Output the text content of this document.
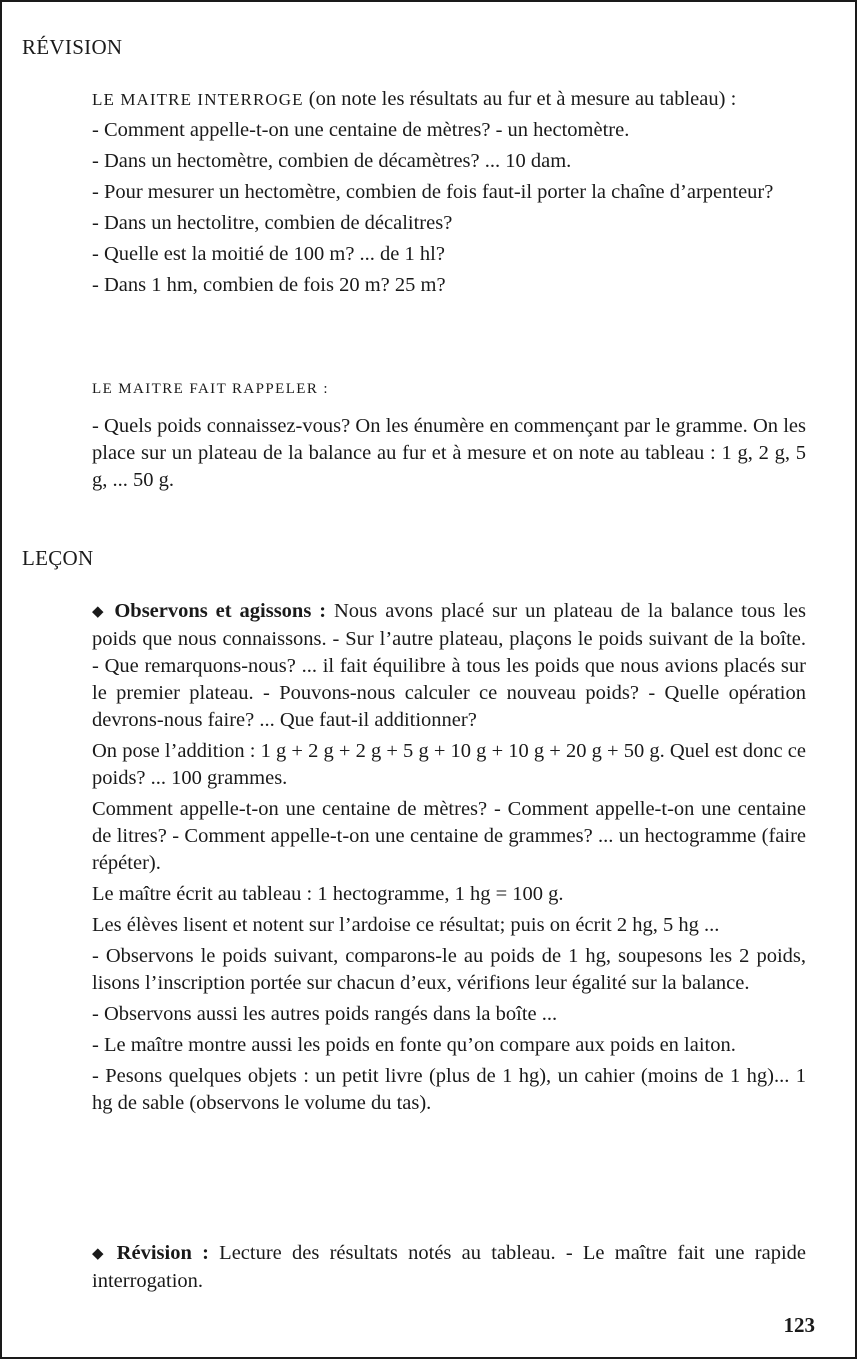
RÉVISION

LE MAITRE INTERROGE (on note les résultats au fur et à mesure au tableau) :

- Comment appelle-t-on une centaine de mètres? - un hectomètre.

- Dans un hectomètre, combien de décamètres? ... 10 dam.

- Pour mesurer un hectomètre, combien de fois faut-il porter la chaîne d’arpenteur?

- Dans un hectolitre, combien de décalitres?

- Quelle est la moitié de 100 m? ... de 1 hl?

- Dans 1 hm, combien de fois 20 m? 25 m?

LE MAITRE FAIT RAPPELER :

- Quels poids connaissez-vous? On les énumère en commençant par le gramme. On les place sur un plateau de la balance au fur et à mesure et on note au tableau : 1 g, 2 g, 5 g, ... 50 g.

LEÇON

◆ Observons et agissons : Nous avons placé sur un plateau de la balance tous les poids que nous connaissons. - Sur l’autre plateau, plaçons le poids suivant de la boîte. - Que remarquons-nous? ... il fait équilibre à tous les poids que nous avions placés sur le premier plateau. - Pouvons-nous calculer ce nouveau poids? - Quelle opération devrons-nous faire? ... Que faut-il additionner?

On pose l’addition : 1 g + 2 g + 2 g + 5 g + 10 g + 10 g + 20 g + 50 g. Quel est donc ce poids? ... 100 grammes.

Comment appelle-t-on une centaine de mètres? - Comment appelle-t-on une centaine de litres? - Comment appelle-t-on une centaine de grammes? ... un hectogramme (faire répéter).

Le maître écrit au tableau : 1 hectogramme, 1 hg = 100 g.

Les élèves lisent et notent sur l’ardoise ce résultat; puis on écrit 2 hg, 5 hg ...

- Observons le poids suivant, comparons-le au poids de 1 hg, soupesons les 2 poids, lisons l’inscription portée sur chacun d’eux, vérifions leur égalité sur la balance.

- Observons aussi les autres poids rangés dans la boîte ...

- Le maître montre aussi les poids en fonte qu’on compare aux poids en laiton.

- Pesons quelques objets : un petit livre (plus de 1 hg), un cahier (moins de 1 hg)... 1 hg de sable (observons le volume du tas).

◆ Révision : Lecture des résultats notés au tableau. - Le maître fait une rapide interrogation.

123
